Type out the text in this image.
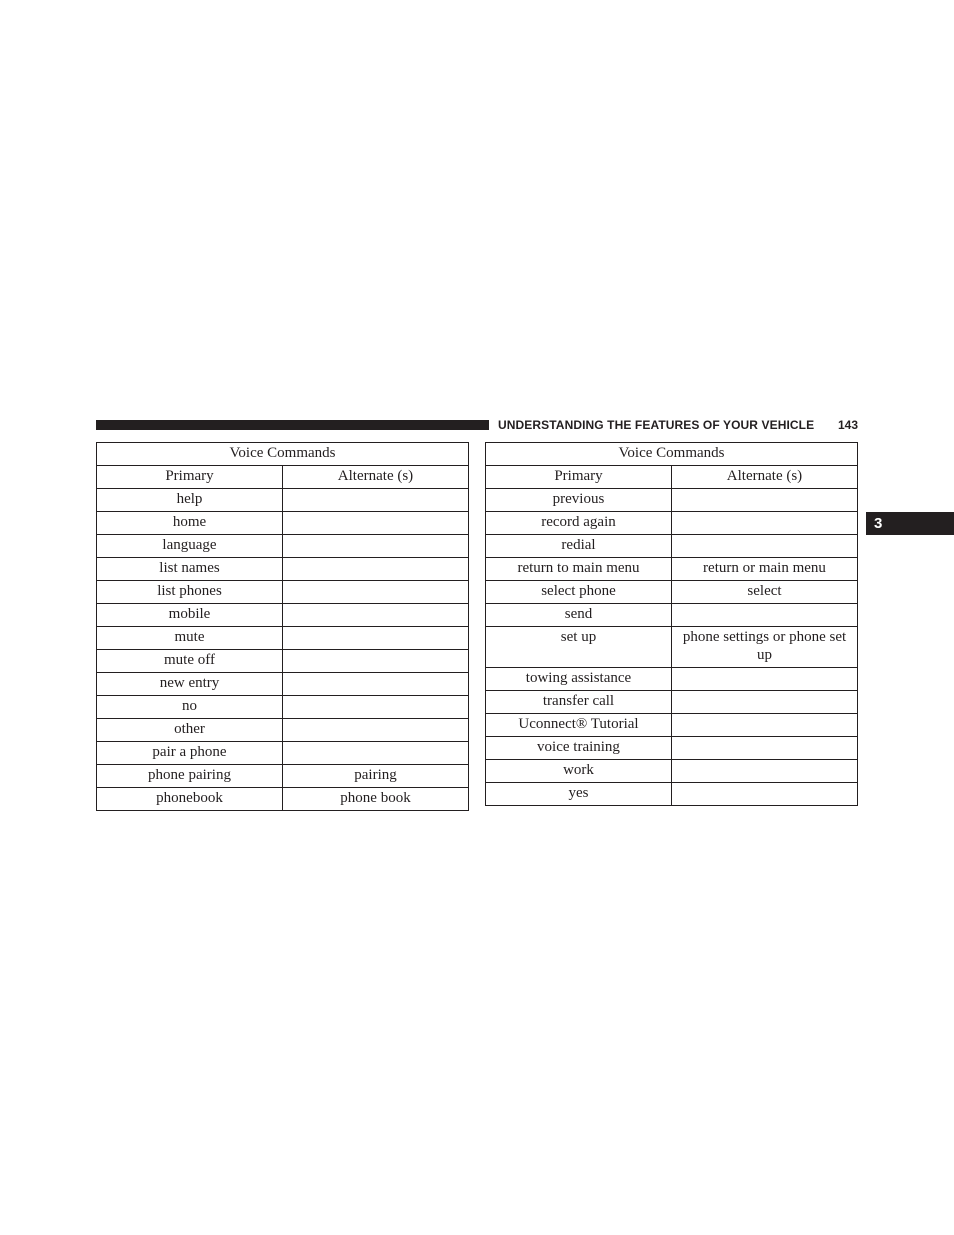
UNDERSTANDING THE FEATURES OF YOUR VEHICLE 143
3
Voice Commands	
Primary	Alternate (s)
help	
home	
language	
list names	
list phones	
mobile	
mute	
mute off	
new entry	
no	
other	
pair a phone	
phone pairing	pairing
phonebook	phone book
Voice Commands	
Primary	Alternate (s)
previous	
record again	
redial	
return to main menu	return or main menu
select phone	select
send	
set up	phone settings or phone set up
towing assistance	
transfer call	
Uconnect® Tutorial	
voice training	
work	
yes	
